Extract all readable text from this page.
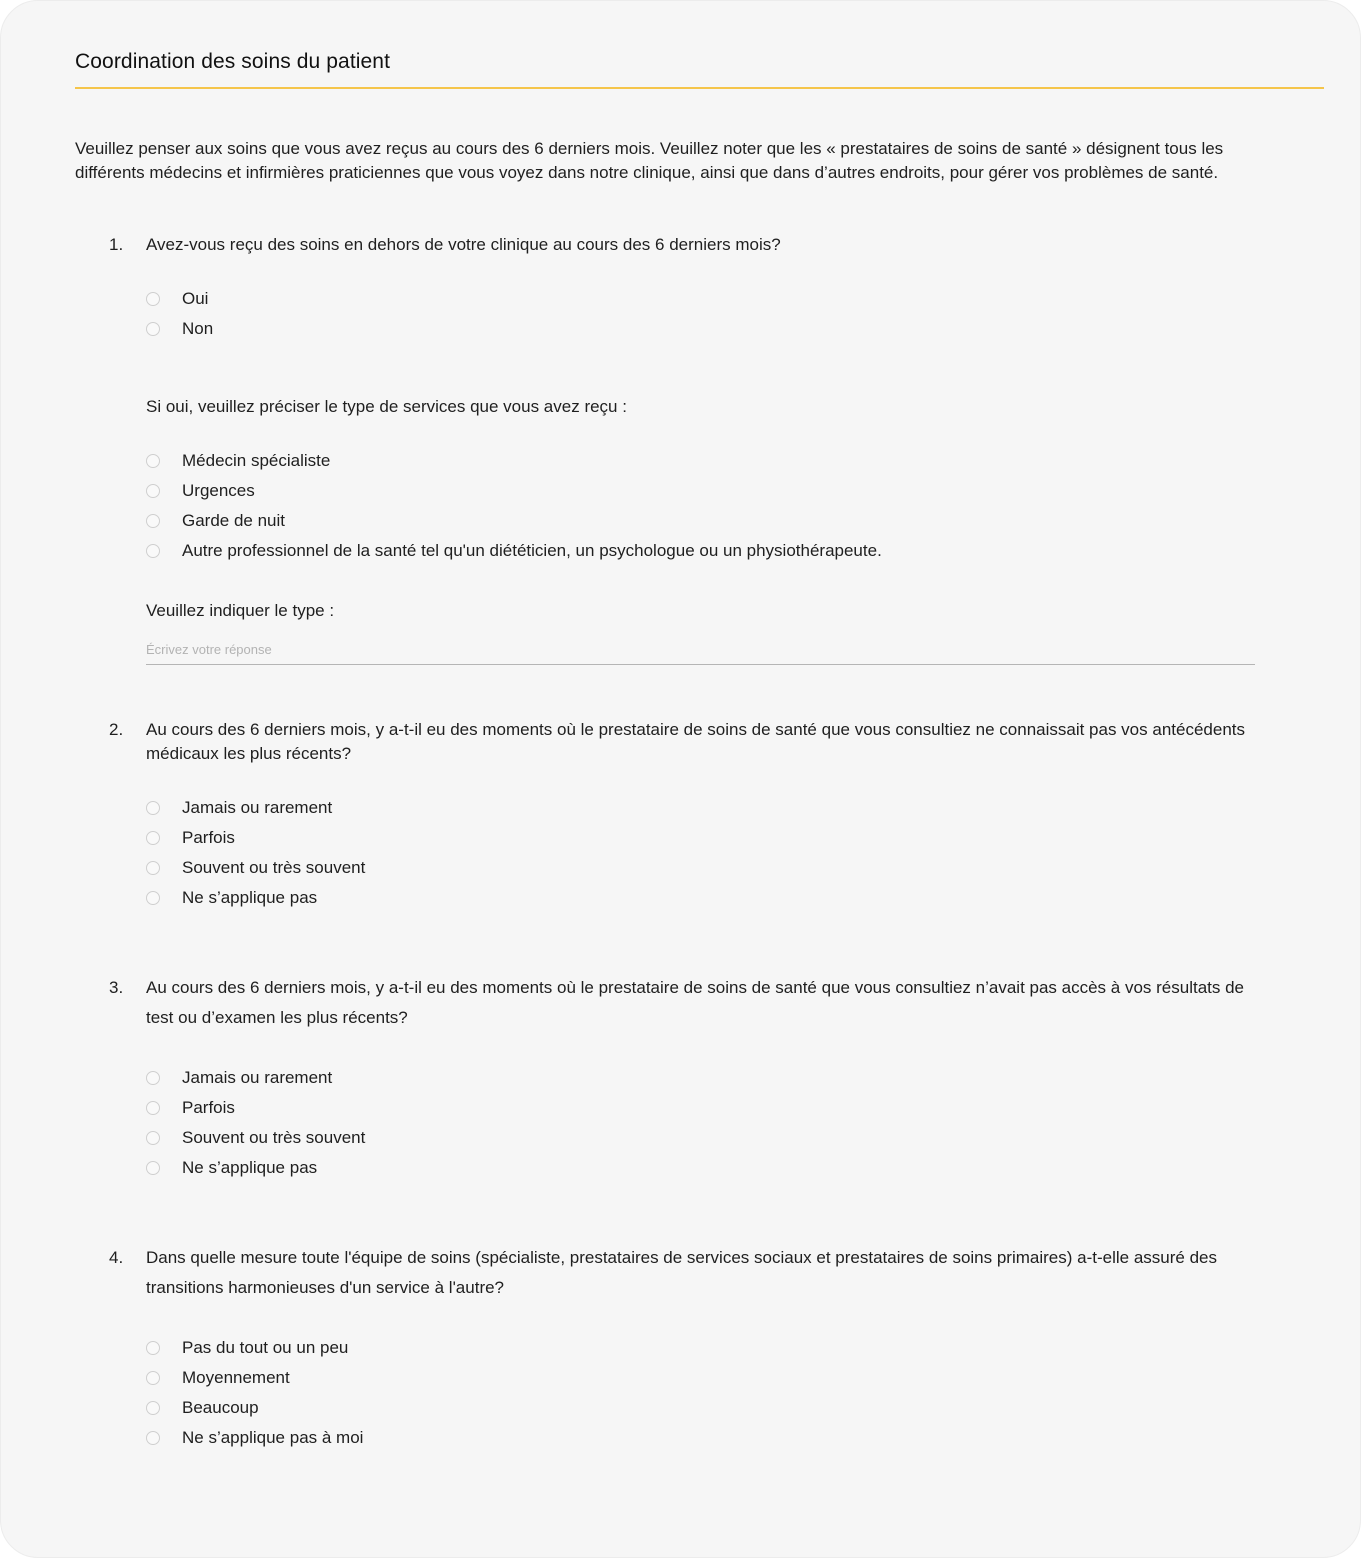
Coordination des soins du patient
Veuillez penser aux soins que vous avez reçus au cours des 6 derniers mois. Veuillez noter que les « prestataires de soins de santé » désignent tous les différents médecins et infirmières praticiennes que vous voyez dans notre clinique, ainsi que dans d’autres endroits, pour gérer vos problèmes de santé.
1. Avez-vous reçu des soins en dehors de votre clinique au cours des 6 derniers mois?
Oui
Non
Si oui, veuillez préciser le type de services que vous avez reçu :
Médecin spécialiste
Urgences
Garde de nuit
Autre professionnel de la santé tel qu'un diététicien, un psychologue ou un physiothérapeute.
Veuillez indiquer le type :
Écrivez votre réponse
2. Au cours des 6 derniers mois, y a-t-il eu des moments où le prestataire de soins de santé que vous consultiez ne connaissait pas vos antécédents médicaux les plus récents?
Jamais ou rarement
Parfois
Souvent ou très souvent
Ne s’applique pas
3. Au cours des 6 derniers mois, y a-t-il eu des moments où le prestataire de soins de santé que vous consultiez n’avait pas accès à vos résultats de test ou d’examen les plus récents?
Jamais ou rarement
Parfois
Souvent ou très souvent
Ne s’applique pas
4. Dans quelle mesure toute l'équipe de soins (spécialiste, prestataires de services sociaux et prestataires de soins primaires) a-t-elle assuré des transitions harmonieuses d'un service à l'autre?
Pas du tout ou un peu
Moyennement
Beaucoup
Ne s’applique pas à moi
